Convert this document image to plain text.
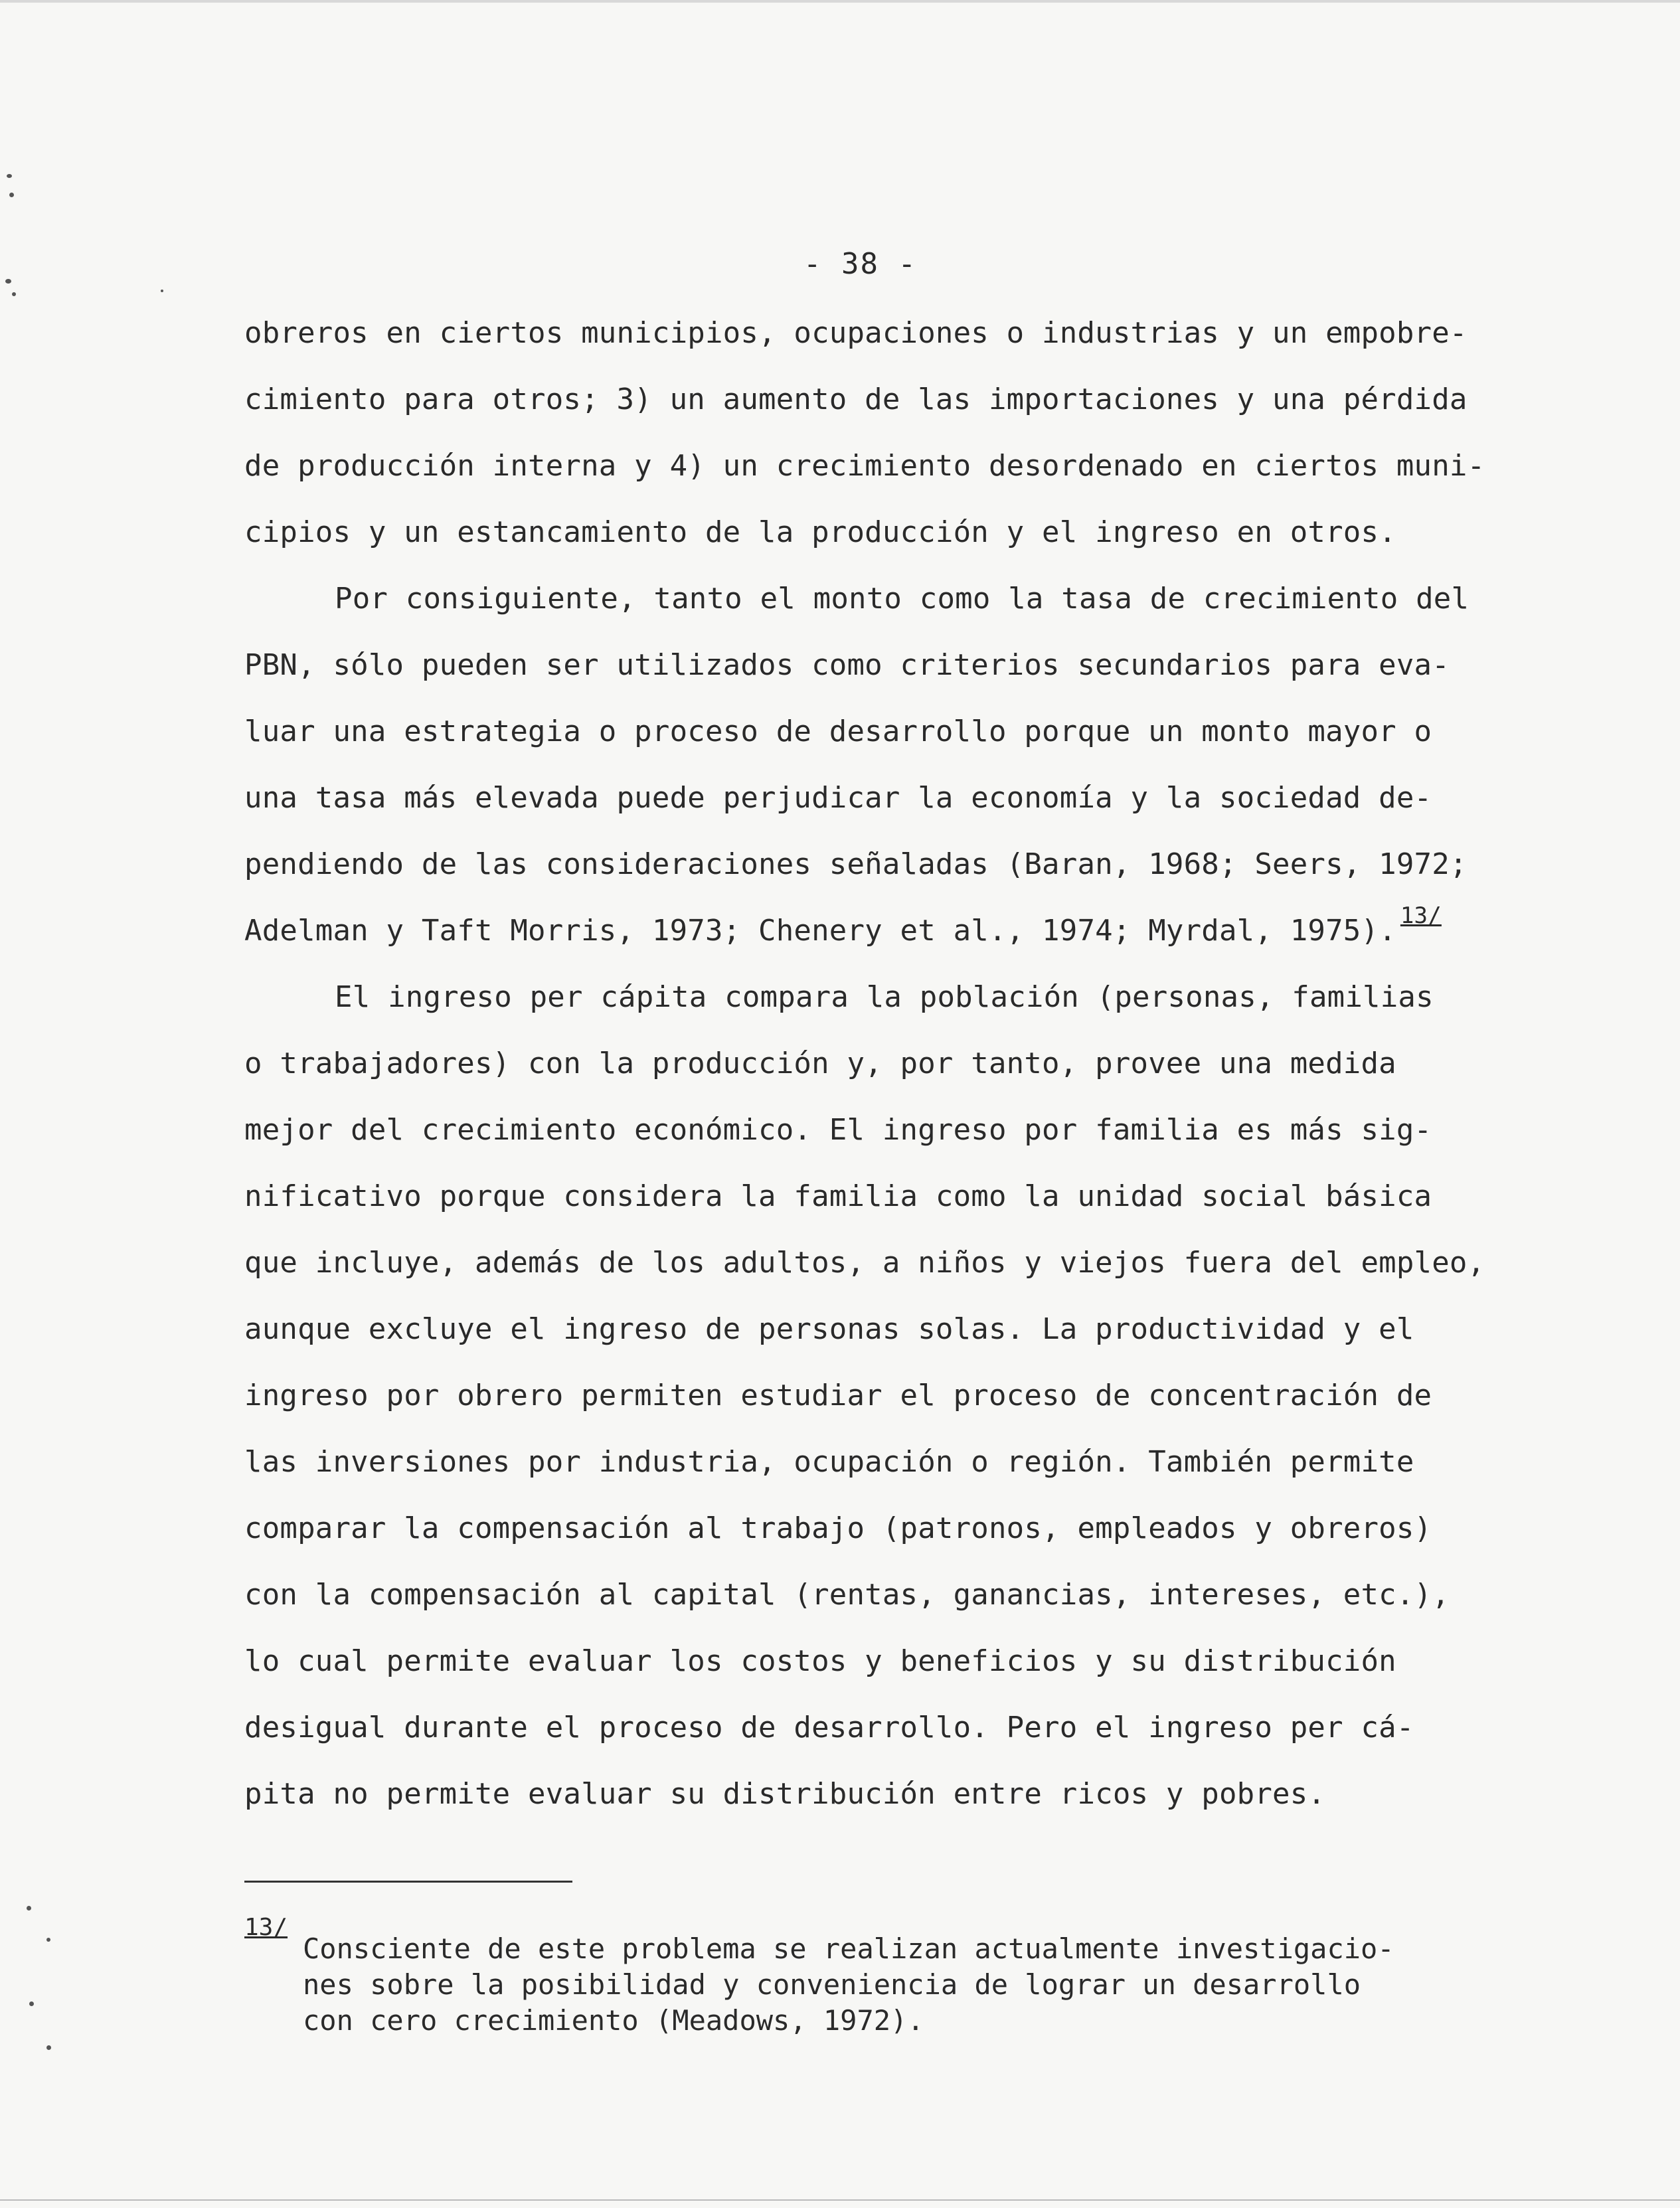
- 38 -
obreros en ciertos municipios, ocupaciones o industrias y un empobre-
cimiento para otros; 3) un aumento de las importaciones y una pérdida
de producción interna y 4) un crecimiento desordenado en ciertos muni-
cipios y un estancamiento de la producción y el ingreso en otros.
Por consiguiente, tanto el monto como la tasa de crecimiento del
PBN, sólo pueden ser utilizados como criterios secundarios para eva-
luar una estrategia o proceso de desarrollo porque un monto mayor o
una tasa más elevada puede perjudicar la economía y la sociedad de-
pendiendo de las consideraciones señaladas (Baran, 1968; Seers, 1972;
Adelman y Taft Morris, 1973; Chenery et al., 1974; Myrdal, 1975). 13/
El ingreso per cápita compara la población (personas, familias
o trabajadores) con la producción y, por tanto, provee una medida
mejor del crecimiento económico. El ingreso por familia es más sig-
nificativo porque considera la familia como la unidad social básica
que incluye, además de los adultos, a niños y viejos fuera del empleo,
aunque excluye el ingreso de personas solas. La productividad y el
ingreso por obrero permiten estudiar el proceso de concentración de
las inversiones por industria, ocupación o región. También permite
comparar la compensación al trabajo (patronos, empleados y obreros)
con la compensación al capital (rentas, ganancias, intereses, etc.),
lo cual permite evaluar los costos y beneficios y su distribución
desigual durante el proceso de desarrollo. Pero el ingreso per cá-
pita no permite evaluar su distribución entre ricos y pobres.
13/
Consciente de este problema se realizan actualmente investigacio-
nes sobre la posibilidad y conveniencia de lograr un desarrollo
con cero crecimiento (Meadows, 1972).
